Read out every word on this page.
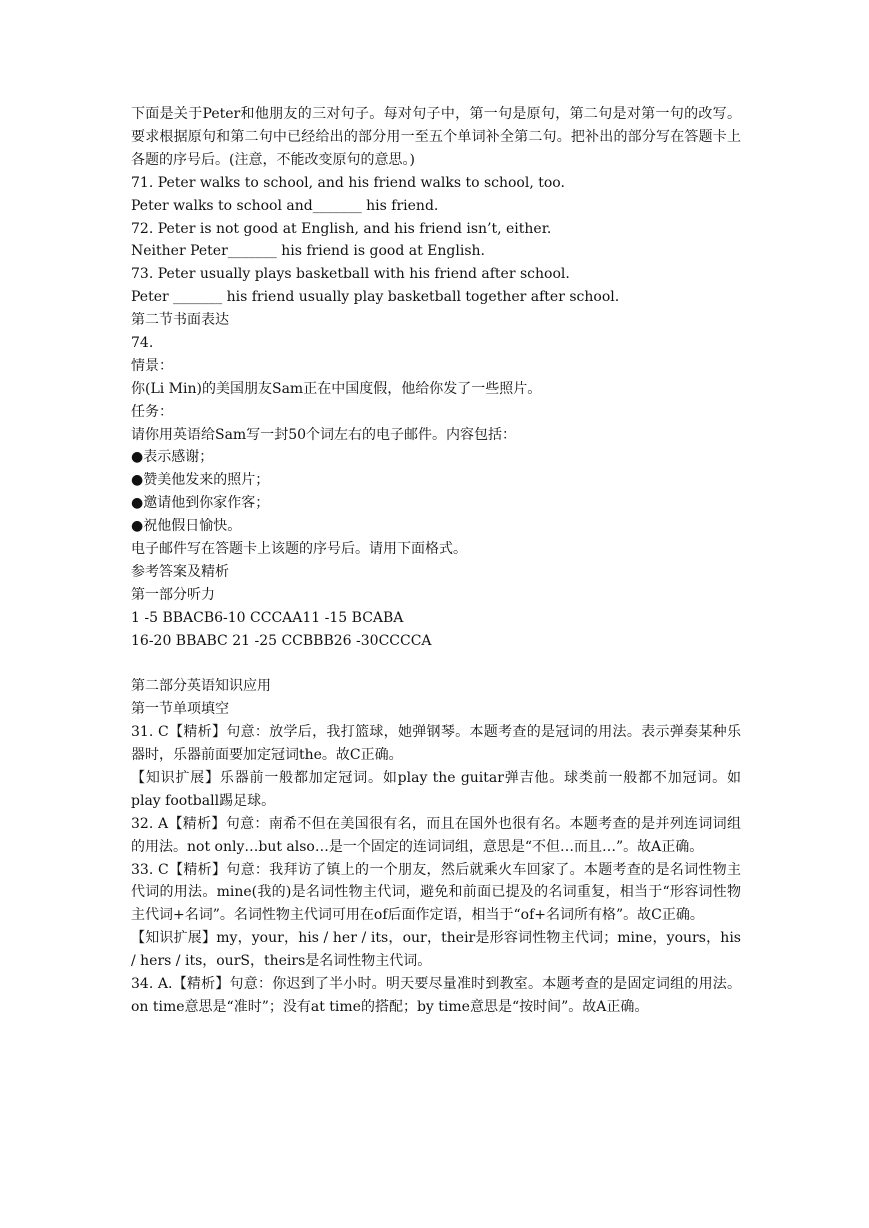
下面是关于Peter和他朋友的三对句子。每对句子中，第一句是原句，第二句是对第一句的改写。要求根据原句和第二句中已经给出的部分用一至五个单词补全第二句。把补出的部分写在答题卡上各题的序号后。(注意，不能改变原句的意思。)
71. Peter walks to school, and his friend walks to school, too.
Peter walks to school and_______ his friend.
72. Peter is not good at English, and his friend isn’t, either.
Neither Peter_______ his friend is good at English.
73. Peter usually plays basketball with his friend after school.
Peter _______ his friend usually play basketball together after school.
第二节书面表达
74.
情景：
你(Li Min)的美国朋友Sam正在中国度假，他给你发了一些照片。
任务：
请你用英语给Sam写一封50个词左右的电子邮件。内容包括：
●表示感谢；
●赞美他发来的照片；
●邀请他到你家作客；
●祝他假日愉快。
电子邮件写在答题卡上该题的序号后。请用下面格式。
参考答案及精析
第一部分听力
1 -5 BBACB6-10 CCCAA11 -15 BCABA
16-20 BBABC 21 -25 CCBBB26 -30CCCCA
第二部分英语知识应用
第一节单项填空
31. C【精析】句意：放学后，我打篮球，她弹钢琴。本题考查的是冠词的用法。表示弹奏某种乐器时，乐器前面要加定冠词the。故C正确。
【知识扩展】乐器前一般都加定冠词。如play the guitar弹吉他。球类前一般都不加冠词。如play football踢足球。
32. A【精析】句意：南希不但在美国很有名，而且在国外也很有名。本题考查的是并列连词词组的用法。not only…but also…是一个固定的连词词组，意思是“不但…而且…”。故A正确。
33. C【精析】句意：我拜访了镇上的一个朋友，然后就乘火车回家了。本题考查的是名词性物主代词的用法。mine(我的)是名词性物主代词，避免和前面已提及的名词重复，相当于“形容词性物主代词+名词”。名词性物主代词可用在of后面作定语，相当于“of+名词所有格”。故C正确。
【知识扩展】my，your，his / her / its，our，their是形容词性物主代词；mine，yours，his / hers / its，ourS，theirs是名词性物主代词。
34. A.【精析】句意：你迟到了半小时。明天要尽量准时到教室。本题考查的是固定词组的用法。on time意思是“准时”；没有at time的搭配；by time意思是“按时间”。故A正确。
